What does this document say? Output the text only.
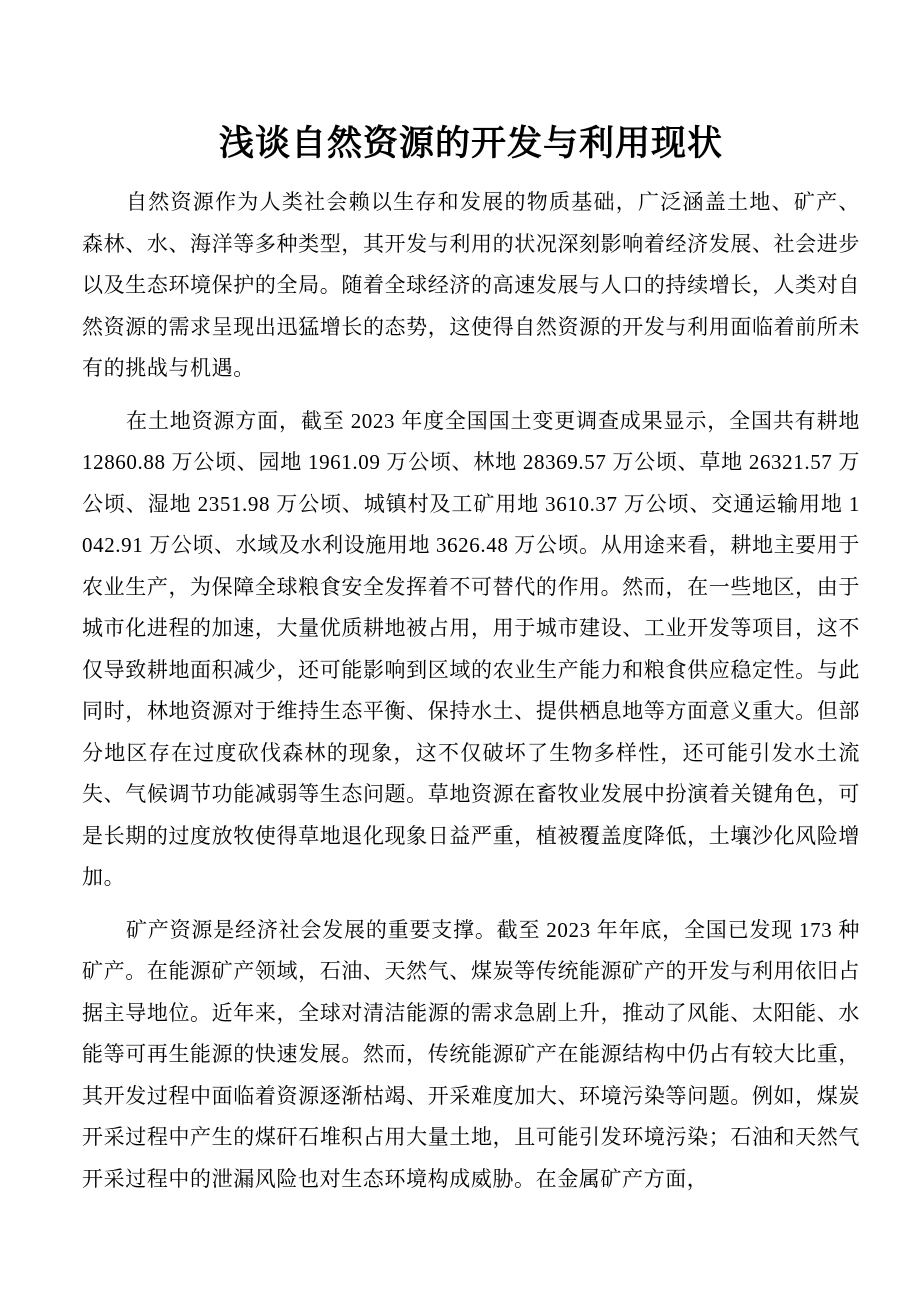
浅谈自然资源的开发与利用现状

自然资源作为人类社会赖以生存和发展的物质基础，广泛涵盖土地、矿产、森林、水、海洋等多种类型，其开发与利用的状况深刻影响着经济发展、社会进步以及生态环境保护的全局。随着全球经济的高速发展与人口的持续增长，人类对自然资源的需求呈现出迅猛增长的态势，这使得自然资源的开发与利用面临着前所未有的挑战与机遇。

在土地资源方面，截至 2023 年度全国国土变更调查成果显示，全国共有耕地 12860.88 万公顷、园地 1961.09 万公顷、林地 28369.57 万公顷、草地 26321.57 万公顷、湿地 2351.98 万公顷、城镇村及工矿用地 3610.37 万公顷、交通运输用地 1042.91 万公顷、水域及水利设施用地 3626.48 万公顷。从用途来看，耕地主要用于农业生产，为保障全球粮食安全发挥着不可替代的作用。然而，在一些地区，由于城市化进程的加速，大量优质耕地被占用，用于城市建设、工业开发等项目，这不仅导致耕地面积减少，还可能影响到区域的农业生产能力和粮食供应稳定性。与此同时，林地资源对于维持生态平衡、保持水土、提供栖息地等方面意义重大。但部分地区存在过度砍伐森林的现象，这不仅破坏了生物多样性，还可能引发水土流失、气候调节功能减弱等生态问题。草地资源在畜牧业发展中扮演着关键角色，可是长期的过度放牧使得草地退化现象日益严重，植被覆盖度降低，土壤沙化风险增加。

矿产资源是经济社会发展的重要支撑。截至 2023 年年底，全国已发现 173 种矿产。在能源矿产领域，石油、天然气、煤炭等传统能源矿产的开发与利用依旧占据主导地位。近年来，全球对清洁能源的需求急剧上升，推动了风能、太阳能、水能等可再生能源的快速发展。然而，传统能源矿产在能源结构中仍占有较大比重，其开发过程中面临着资源逐渐枯竭、开采难度加大、环境污染等问题。例如，煤炭开采过程中产生的煤矸石堆积占用大量土地，且可能引发环境污染；石油和天然气开采过程中的泄漏风险也对生态环境构成威胁。在金属矿产方面，
